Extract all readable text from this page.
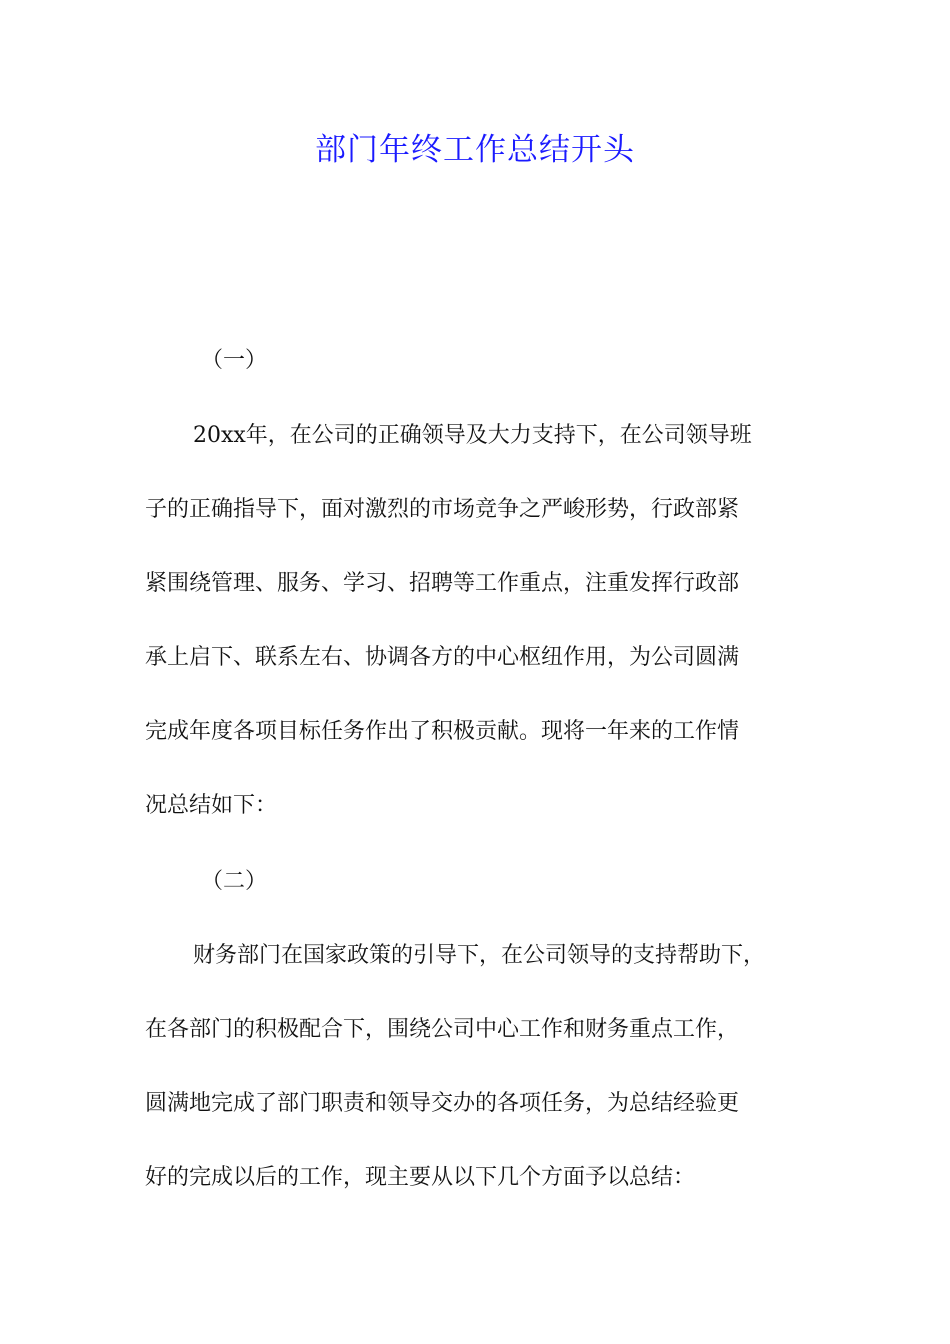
部门年终工作总结开头
（一）
20xx年，在公司的正确领导及大力支持下，在公司领导班
子的正确指导下，面对激烈的市场竞争之严峻形势，行政部紧
紧围绕管理、服务、学习、招聘等工作重点，注重发挥行政部
承上启下、联系左右、协调各方的中心枢纽作用，为公司圆满
完成年度各项目标任务作出了积极贡献。现将一年来的工作情
况总结如下：
（二）
财务部门在国家政策的引导下，在公司领导的支持帮助下，
在各部门的积极配合下，围绕公司中心工作和财务重点工作，
圆满地完成了部门职责和领导交办的各项任务，为总结经验更
好的完成以后的工作，现主要从以下几个方面予以总结：
